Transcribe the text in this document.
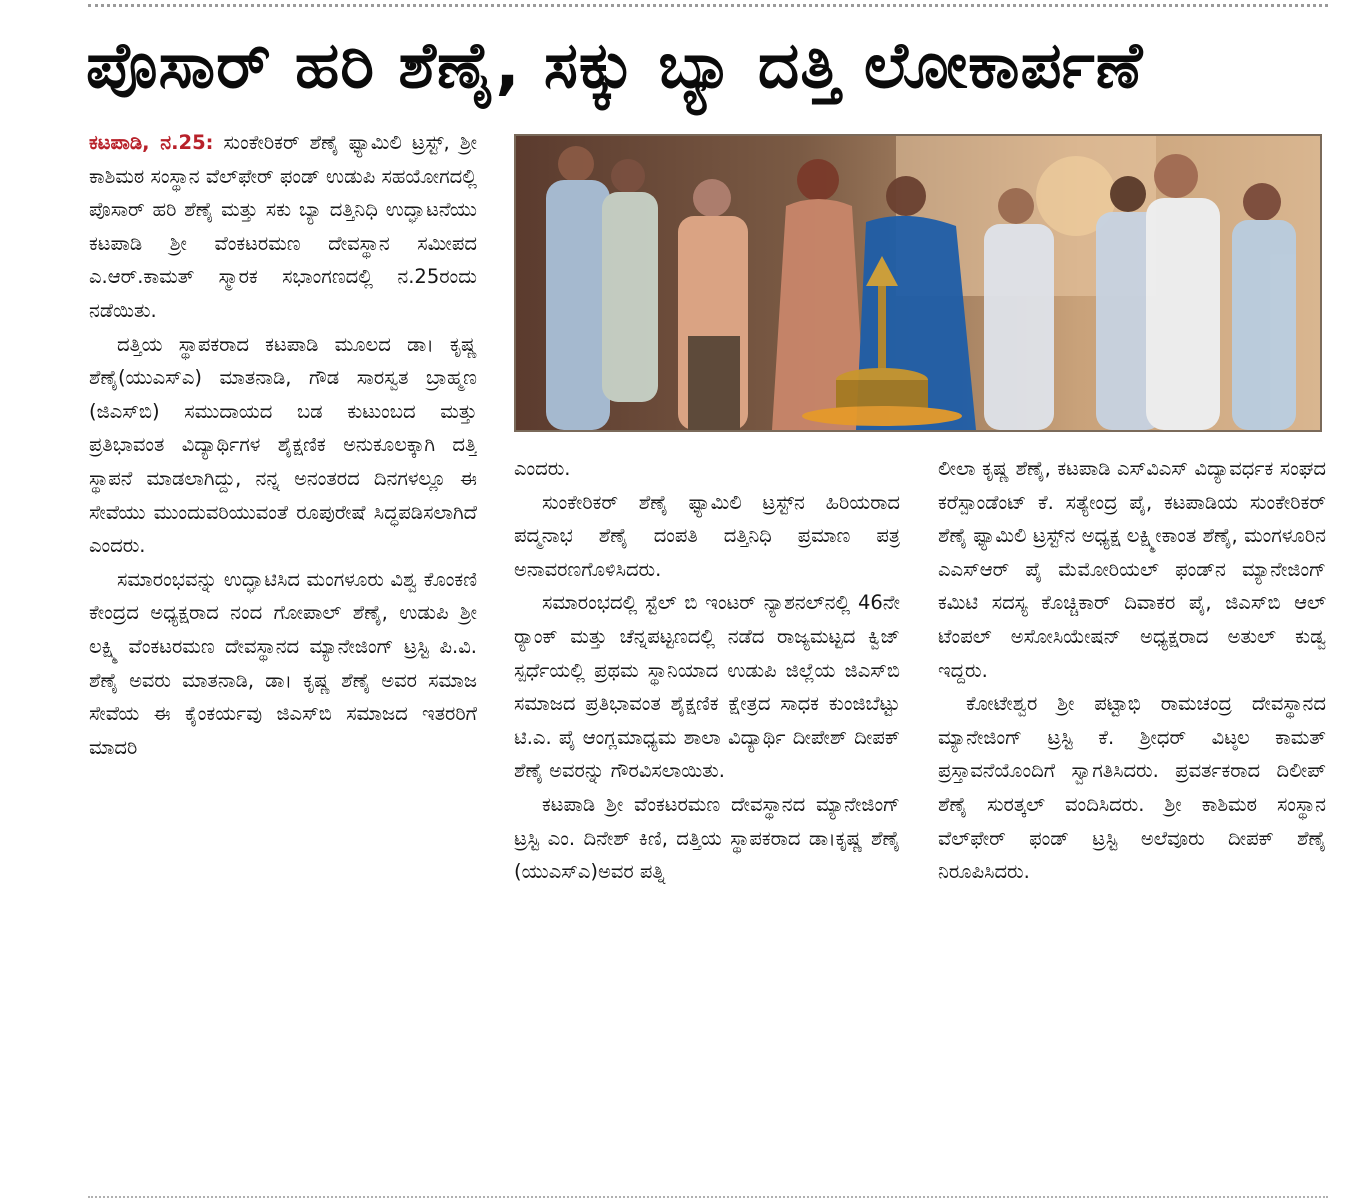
ಪೊಸಾರ್ ಹರಿ ಶೆಣೈ, ಸಕ್ಕು ಬ್ಯಾ ದತ್ತಿ ಲೋಕಾರ್ಪಣೆ

ಕಟಪಾಡಿ, ನ.25: ಸುಂಕೇರಿಕರ್ ಶೆಣೈ ಫ್ಯಾಮಿಲಿ ಟ್ರಸ್ಟ್, ಶ್ರೀ ಕಾಶಿಮಠ ಸಂಸ್ಥಾನ ವೆಲ್‌ಫೇರ್ ಫಂಡ್ ಉಡುಪಿ ಸಹಯೋಗದಲ್ಲಿ ಪೊಸಾರ್ ಹರಿ ಶೆಣೈ ಮತ್ತು ಸಕು ಬ್ಯಾ ದತ್ತಿನಿಧಿ ಉದ್ಘಾಟನೆಯು ಕಟಪಾಡಿ ಶ್ರೀ ವೆಂಕಟರಮಣ ದೇವಸ್ಥಾನ ಸಮೀಪದ ಎ.ಆರ್.ಕಾಮತ್ ಸ್ಮಾರಕ ಸಭಾಂಗಣದಲ್ಲಿ ನ.25ರಂದು ನಡೆಯಿತು.

ದತ್ತಿಯ ಸ್ಥಾಪಕರಾದ ಕಟಪಾಡಿ ಮೂಲದ ಡಾ। ಕೃಷ್ಣ ಶೆಣೈ(ಯುಎಸ್‌ಎ) ಮಾತನಾಡಿ, ಗೌಡ ಸಾರಸ್ವತ ಬ್ರಾಹ್ಮಣ (ಜಿಎಸ್‌ಬಿ) ಸಮುದಾಯದ ಬಡ ಕುಟುಂಬದ ಮತ್ತು ಪ್ರತಿಭಾವಂತ ವಿದ್ಯಾರ್ಥಿಗಳ ಶೈಕ್ಷಣಿಕ ಅನುಕೂಲಕ್ಕಾಗಿ ದತ್ತಿ ಸ್ಥಾಪನೆ ಮಾಡಲಾಗಿದ್ದು, ನನ್ನ ಅನಂತರದ ದಿನಗಳಲ್ಲೂ ಈ ಸೇವೆಯು ಮುಂದುವರಿಯುವಂತೆ ರೂಪುರೇಷೆ ಸಿದ್ಧಪಡಿಸಲಾಗಿದೆ ಎಂದರು.

ಸಮಾರಂಭವನ್ನು ಉದ್ಘಾಟಿಸಿದ ಮಂಗಳೂರು ವಿಶ್ವ ಕೊಂಕಣಿ ಕೇಂದ್ರದ ಅಧ್ಯಕ್ಷರಾದ ನಂದ ಗೋಪಾಲ್ ಶೆಣೈ, ಉಡುಪಿ ಶ್ರೀ ಲಕ್ಷ್ಮಿ ವೆಂಕಟರಮಣ ದೇವಸ್ಥಾನದ ಮ್ಯಾನೇಜಿಂಗ್ ಟ್ರಸ್ಟಿ ಪಿ.ವಿ. ಶೆಣೈ ಅವರು ಮಾತನಾಡಿ, ಡಾ। ಕೃಷ್ಣ ಶೆಣೈ ಅವರ ಸಮಾಜ ಸೇವೆಯ ಈ ಕೈಂಕರ್ಯವು ಜಿಎಸ್‌ಬಿ ಸಮಾಜದ ಇತರರಿಗೆ ಮಾದರಿ

ಎಂದರು.

ಸುಂಕೇರಿಕರ್ ಶೆಣೈ ಫ್ಯಾಮಿಲಿ ಟ್ರಸ್ಟ್‌ನ ಹಿರಿಯರಾದ ಪದ್ಮನಾಭ ಶೆಣೈ ದಂಪತಿ ದತ್ತಿನಿಧಿ ಪ್ರಮಾಣ ಪತ್ರ ಅನಾವರಣಗೊಳಿಸಿದರು.

ಸಮಾರಂಭದಲ್ಲಿ ಸ್ಟೆಲ್ ಬಿ ಇಂಟರ್ ನ್ಯಾಶನಲ್‌ನಲ್ಲಿ 46ನೇ ರ್‍ಯಾಂಕ್ ಮತ್ತು ಚೆನ್ನಪಟ್ಟಣದಲ್ಲಿ ನಡೆದ ರಾಜ್ಯಮಟ್ಟದ ಕ್ವಿಜ್ ಸ್ಪರ್ಧೆಯಲ್ಲಿ ಪ್ರಥಮ ಸ್ಥಾನಿಯಾದ ಉಡುಪಿ ಜಿಲ್ಲೆಯ ಜಿಎಸ್‌ಬಿ ಸಮಾಜದ ಪ್ರತಿಭಾವಂತ ಶೈಕ್ಷಣಿಕ ಕ್ಷೇತ್ರದ ಸಾಧಕ ಕುಂಜಿಬೆಟ್ಟು ಟಿ.ಎ. ಪೈ ಆಂಗ್ಲಮಾಧ್ಯಮ ಶಾಲಾ ವಿದ್ಯಾರ್ಥಿ ದೀಪೇಶ್ ದೀಪಕ್ ಶೆಣೈ ಅವರನ್ನು ಗೌರವಿಸಲಾಯಿತು.

ಕಟಪಾಡಿ ಶ್ರೀ ವೆಂಕಟರಮಣ ದೇವಸ್ಥಾನದ ಮ್ಯಾನೇಜಿಂಗ್ ಟ್ರಸ್ಟಿ ಎಂ. ದಿನೇಶ್ ಕಿಣಿ, ದತ್ತಿಯ ಸ್ಥಾಪಕರಾದ ಡಾ।ಕೃಷ್ಣ ಶೆಣೈ (ಯುಎಸ್‌ಎ)ಅವರ ಪತ್ನಿ

ಲೀಲಾ ಕೃಷ್ಣ ಶೆಣೈ, ಕಟಪಾಡಿ ಎಸ್‌ವಿಎಸ್ ವಿದ್ಯಾವರ್ಧಕ ಸಂಘದ ಕರೆಸ್ಪಾಂಡೆಂಟ್ ಕೆ. ಸತ್ಯೇಂದ್ರ ಪೈ, ಕಟಪಾಡಿಯ ಸುಂಕೇರಿಕರ್ ಶೆಣೈ ಫ್ಯಾಮಿಲಿ ಟ್ರಸ್ಟ್‌ನ ಅಧ್ಯಕ್ಷ ಲಕ್ಷ್ಮೀಕಾಂತ ಶೆಣೈ, ಮಂಗಳೂರಿನ ಎಎಸ್‌ಆರ್ ಪೈ ಮೆಮೋರಿಯಲ್ ಫಂಡ್‌ನ ಮ್ಯಾನೇಜಿಂಗ್ ಕಮಿಟಿ ಸದಸ್ಯ ಕೊಚ್ಚಿಕಾರ್ ದಿವಾಕರ ಪೈ, ಜಿಎಸ್‌ಬಿ ಆಲ್ ಟೆಂಪಲ್ ಅಸೋಸಿಯೇಷನ್ ಅಧ್ಯಕ್ಷರಾದ ಅತುಲ್ ಕುಡ್ವ ಇದ್ದರು.

ಕೋಟೇಶ್ವರ ಶ್ರೀ ಪಟ್ಟಾಭಿ ರಾಮಚಂದ್ರ ದೇವಸ್ಥಾನದ ಮ್ಯಾನೇಜಿಂಗ್ ಟ್ರಸ್ಟಿ ಕೆ. ಶ್ರೀಧರ್ ವಿಟ್ಠಲ ಕಾಮತ್ ಪ್ರಸ್ತಾವನೆಯೊಂದಿಗೆ ಸ್ವಾಗತಿಸಿದರು. ಪ್ರವರ್ತಕರಾದ ದಿಲೀಪ್ ಶೆಣೈ ಸುರತ್ಕಲ್ ವಂದಿಸಿದರು. ಶ್ರೀ ಕಾಶಿಮಠ ಸಂಸ್ಥಾನ ವೆಲ್‌ಫೇರ್ ಫಂಡ್ ಟ್ರಸ್ಟಿ ಅಲೆವೂರು ದೀಪಕ್ ಶೆಣೈ ನಿರೂಪಿಸಿದರು.
